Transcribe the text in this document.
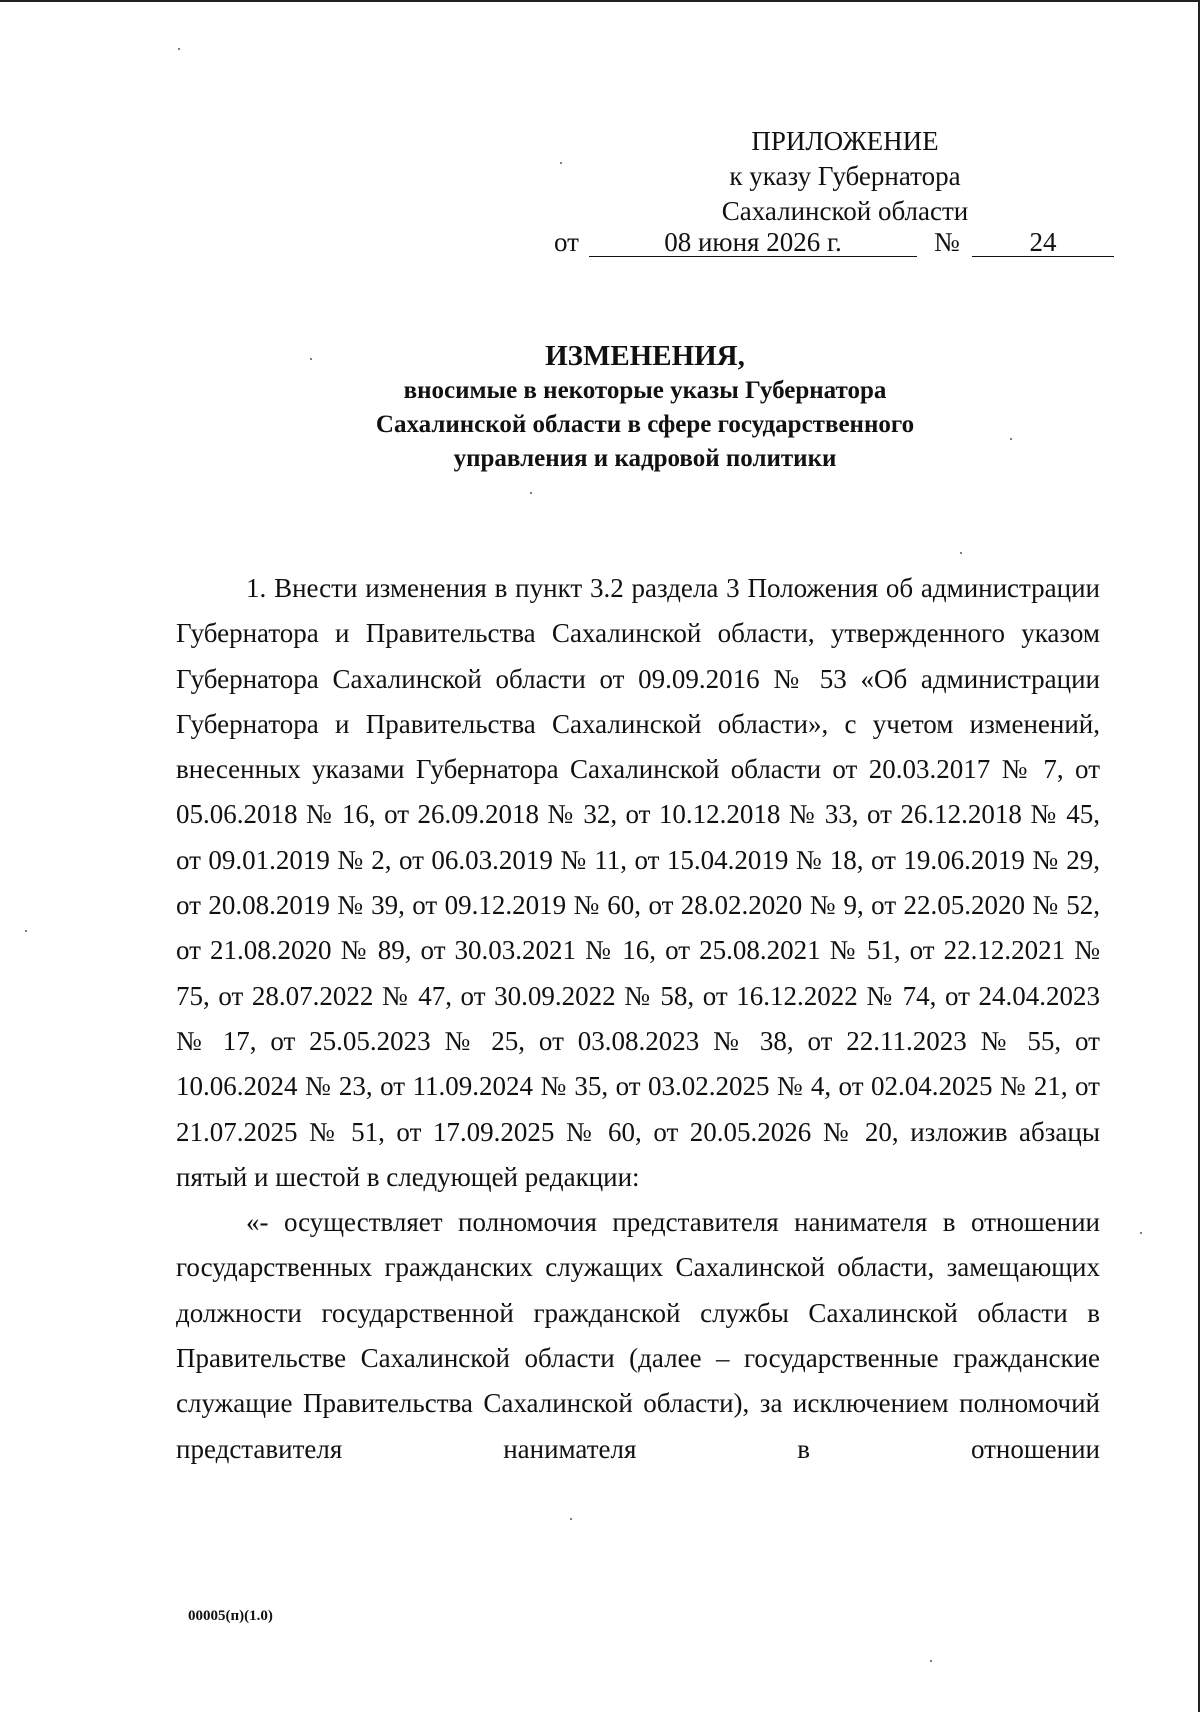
ПРИЛОЖЕНИЕ
к указу Губернатора
Сахалинской области
от	08 июня 2026 г.	№	24
ИЗМЕНЕНИЯ,
вносимые в некоторые указы Губернатора
Сахалинской области в сфере государственного
управления и кадровой политики

1. Внести изменения в пункт 3.2 раздела 3 Положения об администрации Губернатора и Правительства Сахалинской области, утвержденного указом Губернатора Сахалинской области от 09.09.2016 № 53 «Об администрации Губернатора и Правительства Сахалинской области», с учетом изменений, внесенных указами Губернатора Сахалинской области от 20.03.2017 № 7, от 05.06.2018 № 16, от 26.09.2018 № 32, от 10.12.2018 № 33, от 26.12.2018 № 45, от 09.01.2019 № 2, от 06.03.2019 № 11, от 15.04.2019 № 18, от 19.06.2019 № 29, от 20.08.2019 № 39, от 09.12.2019 № 60, от 28.02.2020 № 9, от 22.05.2020 № 52, от 21.08.2020 № 89, от 30.03.2021 № 16, от 25.08.2021 № 51, от 22.12.2021 № 75, от 28.07.2022 № 47, от 30.09.2022 № 58, от 16.12.2022 № 74, от 24.04.2023 № 17, от 25.05.2023 № 25, от 03.08.2023 № 38, от 22.11.2023 № 55, от 10.06.2024 № 23, от 11.09.2024 № 35, от 03.02.2025 № 4, от 02.04.2025 № 21, от 21.07.2025 № 51, от 17.09.2025 № 60, от 20.05.2026 № 20, изложив абзацы пятый и шестой в следующей редакции:

«- осуществляет полномочия представителя нанимателя в отношении государственных гражданских служащих Сахалинской области, замещающих должности государственной гражданской службы Сахалинской области в Правительстве Сахалинской области (далее – государственные гражданские служащие Правительства Сахалинской области), за исключением полномочий представителя нанимателя в отношении

00005(п)(1.0)
